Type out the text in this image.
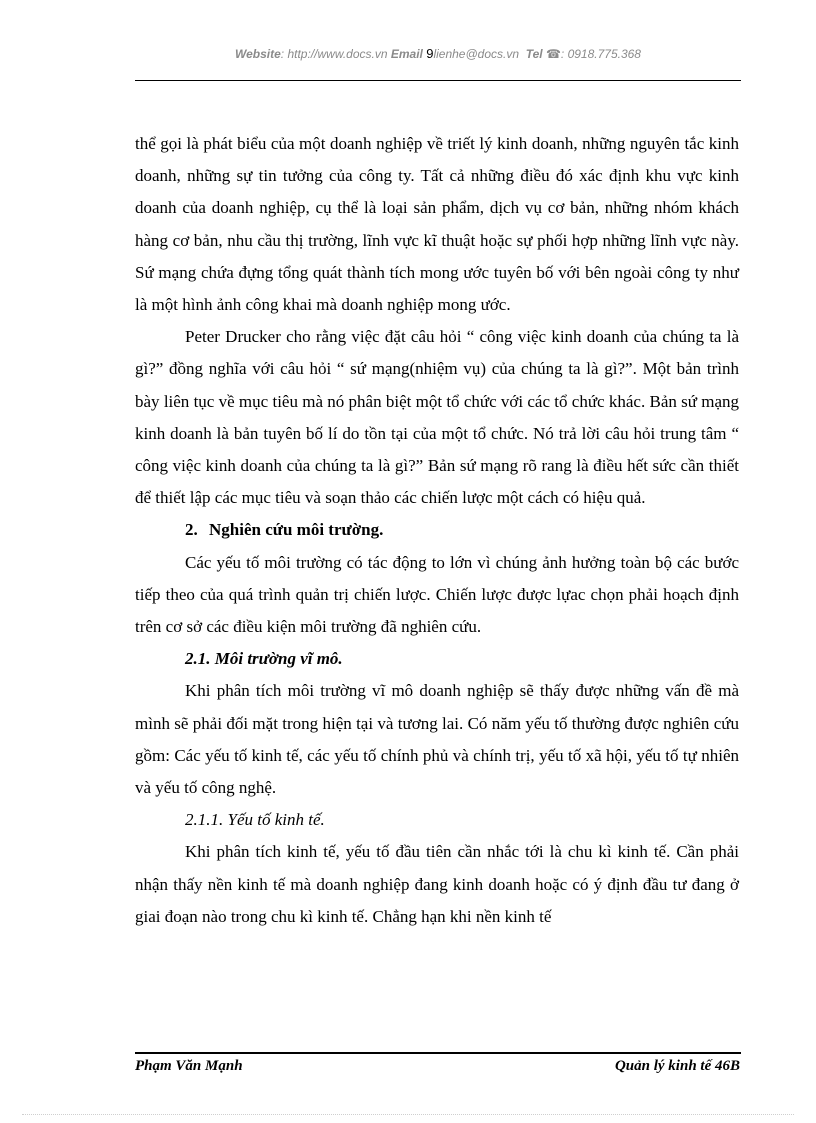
Website: http://www.docs.vn Email 9lienhe@docs.vn Tel ☎: 0918.775.368

thể gọi là phát biểu của một doanh nghiệp về triết lý kinh doanh, những nguyên tắc kinh doanh, những sự tin tưởng của công ty. Tất cả những điều đó xác định khu vực kinh doanh của doanh nghiệp, cụ thể là loại sản phẩm, dịch vụ cơ bản, những nhóm khách hàng cơ bản, nhu cầu thị trường, lĩnh vực kĩ thuật hoặc sự phối hợp những lĩnh vực này. Sứ mạng chứa đựng tổng quát thành tích mong ước tuyên bố với bên ngoài công ty như là một hình ảnh công khai mà doanh nghiệp mong ước.

Peter Drucker cho rằng việc đặt câu hỏi “ công việc kinh doanh của chúng ta là gì?” đồng nghĩa với câu hỏi “ sứ mạng(nhiệm vụ) của chúng ta là gì?”. Một bản trình bày liên tục về mục tiêu mà nó phân biệt một tổ chức với các tổ chức khác. Bản sứ mạng kinh doanh là bản tuyên bố lí do tồn tại của một tổ chức. Nó trả lời câu hỏi trung tâm “ công việc kinh doanh của chúng ta là gì?” Bản sứ mạng rõ rang là điều hết sức cần thiết để thiết lập các mục tiêu và soạn thảo các chiến lược một cách có hiệu quả.

2. Nghiên cứu môi trường.

Các yếu tố môi trường có tác động to lớn vì chúng ảnh hưởng toàn bộ các bước tiếp theo của quá trình quản trị chiến lược. Chiến lược được lựac chọn phải hoạch định trên cơ sở các điều kiện môi trường đã nghiên cứu.

2.1. Môi trường vĩ mô.

Khi phân tích môi trường vĩ mô doanh nghiệp sẽ thấy được những vấn đề mà mình sẽ phải đối mặt trong hiện tại và tương lai. Có năm yếu tố thường được nghiên cứu gồm: Các yếu tố kinh tế, các yếu tố chính phủ và chính trị, yếu tố xã hội, yếu tố tự nhiên và yếu tố công nghệ.

2.1.1. Yếu tố kinh tế.

Khi phân tích kinh tế, yếu tố đầu tiên cần nhắc tới là chu kì kinh tế. Cần phải nhận thấy nền kinh tế mà doanh nghiệp đang kinh doanh hoặc có ý định đầu tư đang ở giai đoạn nào trong chu kì kinh tế. Chẳng hạn khi nền kinh tế

Phạm Văn Mạnh	Quản lý kinh tế 46B
